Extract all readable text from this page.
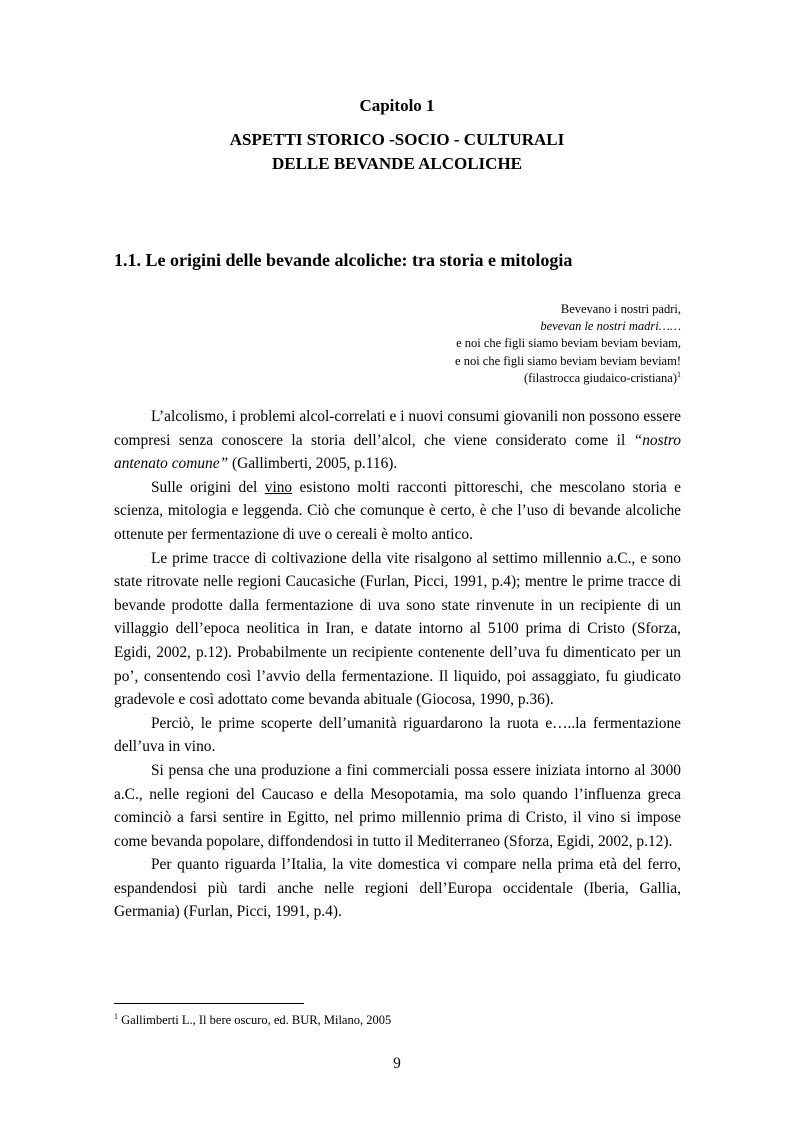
Capitolo 1
ASPETTI STORICO -SOCIO - CULTURALI
DELLE BEVANDE ALCOLICHE
1.1. Le origini delle bevande alcoliche: tra storia e mitologia
Bevevano i nostri padri,
bevevan le nostri madri……
e noi che figli siamo beviam beviam beviam,
e noi che figli siamo beviam beviam beviam!
(filastrocca giudaico-cristiana)$^1$

L’alcolismo, i problemi alcol-correlati e i nuovi consumi giovanili non possono essere compresi senza conoscere la storia dell’alcol, che viene considerato come il “nostro antenato comune” (Gallimberti, 2005, p.116).

Sulle origini del vino esistono molti racconti pittoreschi, che mescolano storia e scienza, mitologia e leggenda. Ciò che comunque è certo, è che l’uso di bevande alcoliche ottenute per fermentazione di uve o cereali è molto antico.

Le prime tracce di coltivazione della vite risalgono al settimo millennio a.C., e sono state ritrovate nelle regioni Caucasiche (Furlan, Picci, 1991, p.4); mentre le prime tracce di bevande prodotte dalla fermentazione di uva sono state rinvenute in un recipiente di un villaggio dell’epoca neolitica in Iran, e datate intorno al 5100 prima di Cristo (Sforza, Egidi, 2002, p.12). Probabilmente un recipiente contenente dell’uva fu dimenticato per un po’, consentendo così l’avvio della fermentazione. Il liquido, poi assaggiato, fu giudicato gradevole e così adottato come bevanda abituale (Giocosa, 1990, p.36).

Perciò, le prime scoperte dell’umanità riguardarono la ruota e…..la fermentazione dell’uva in vino.

Si pensa che una produzione a fini commerciali possa essere iniziata intorno al 3000 a.C., nelle regioni del Caucaso e della Mesopotamia, ma solo quando l’influenza greca cominciò a farsi sentire in Egitto, nel primo millennio prima di Cristo, il vino si impose come bevanda popolare, diffondendosi in tutto il Mediterraneo (Sforza, Egidi, 2002, p.12).

Per quanto riguarda l’Italia, la vite domestica vi compare nella prima età del ferro, espandendosi più tardi anche nelle regioni dell’Europa occidentale (Iberia, Gallia, Germania) (Furlan, Picci, 1991, p.4).

$^1$ Gallimberti L., Il bere oscuro, ed. BUR, Milano, 2005
9
